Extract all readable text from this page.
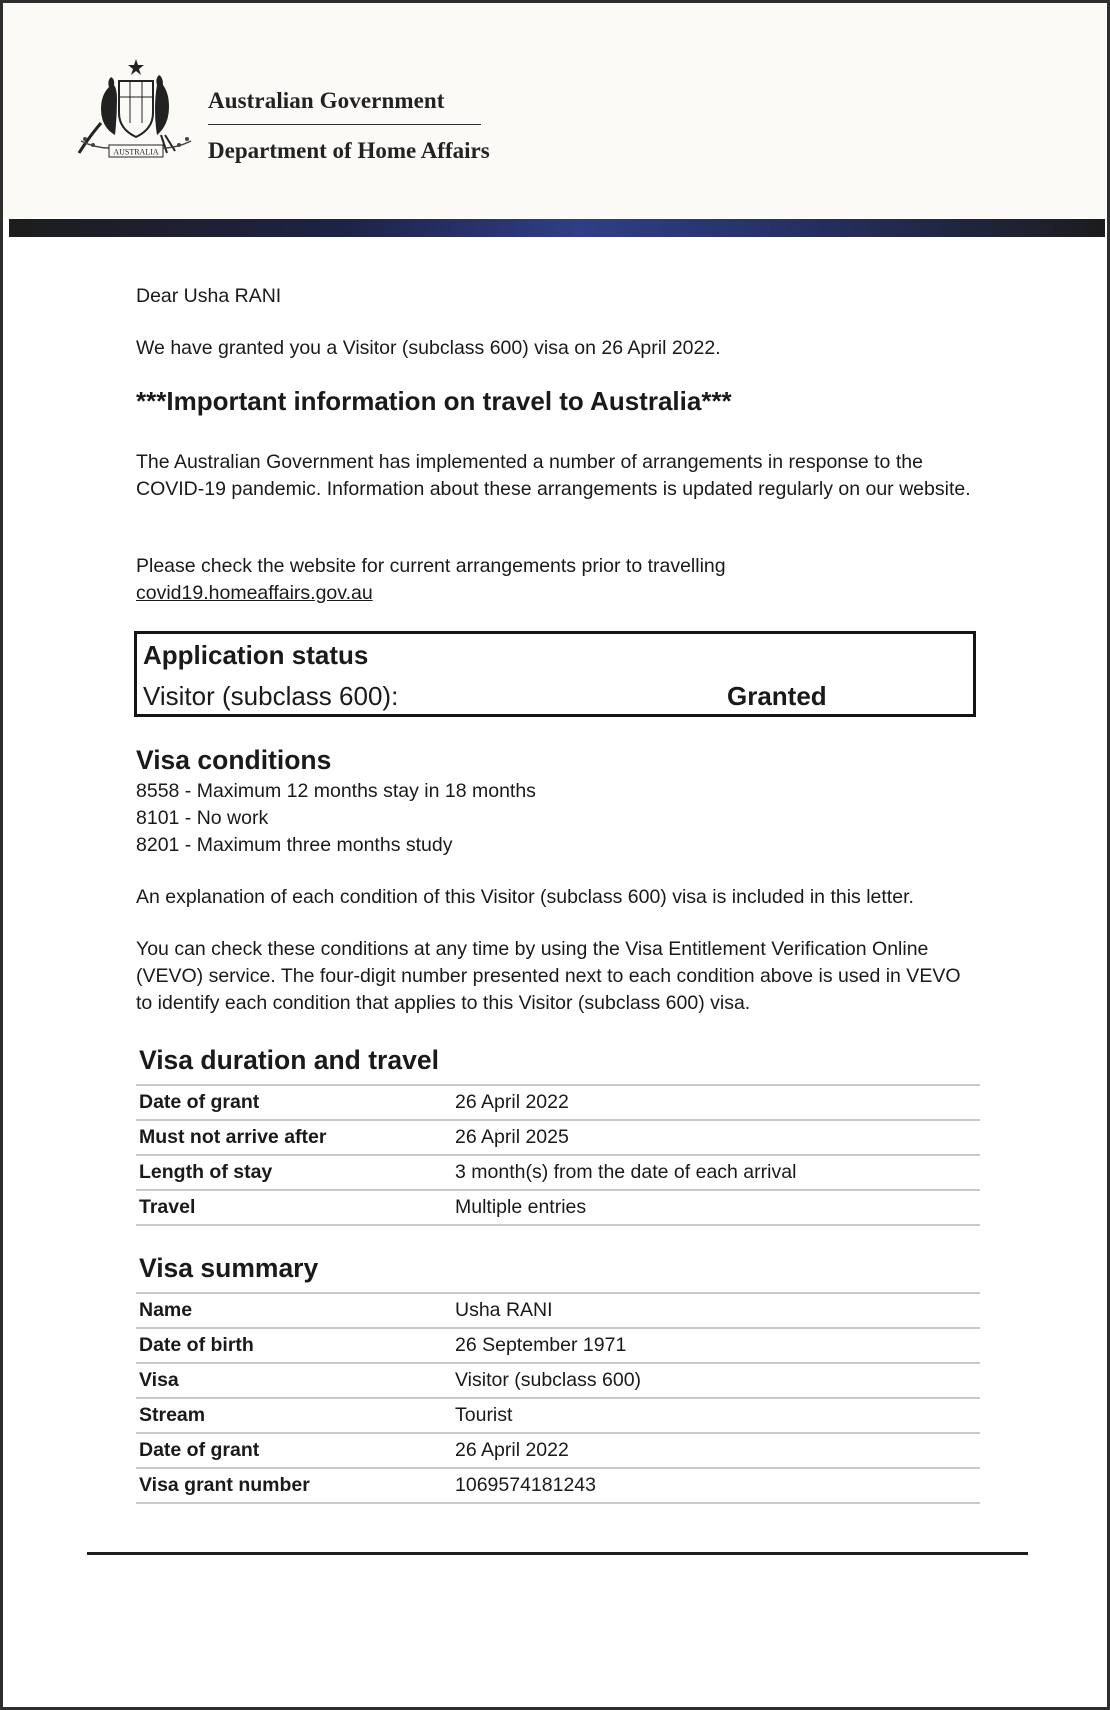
AUSTRALIA
Australian Government
Department of Home Affairs

Dear Usha RANI

We have granted you a Visitor (subclass 600) visa on 26 April 2022.

***Important information on travel to Australia***

The Australian Government has implemented a number of arrangements in response to the COVID-19 pandemic. Information about these arrangements is updated regularly on our website.

Please check the website for current arrangements prior to travelling
covid19.homeaffairs.gov.au
Application status
Visitor (subclass 600):	Granted
Visa conditions
8558 - Maximum 12 months stay in 18 months
8101 - No work
8201 - Maximum three months study
An explanation of each condition of this Visitor (subclass 600) visa is included in this letter.
You can check these conditions at any time by using the Visa Entitlement Verification Online (VEVO) service. The four-digit number presented next to each condition above is used in VEVO to identify each condition that applies to this Visitor (subclass 600) visa.
Visa duration and travel
Date of grant	26 April 2022
Must not arrive after	26 April 2025
Length of stay	3 month(s) from the date of each arrival
Travel	Multiple entries
Visa summary
Name	Usha RANI
Date of birth	26 September 1971
Visa	Visitor (subclass 600)
Stream	Tourist
Date of grant	26 April 2022
Visa grant number	1069574181243
